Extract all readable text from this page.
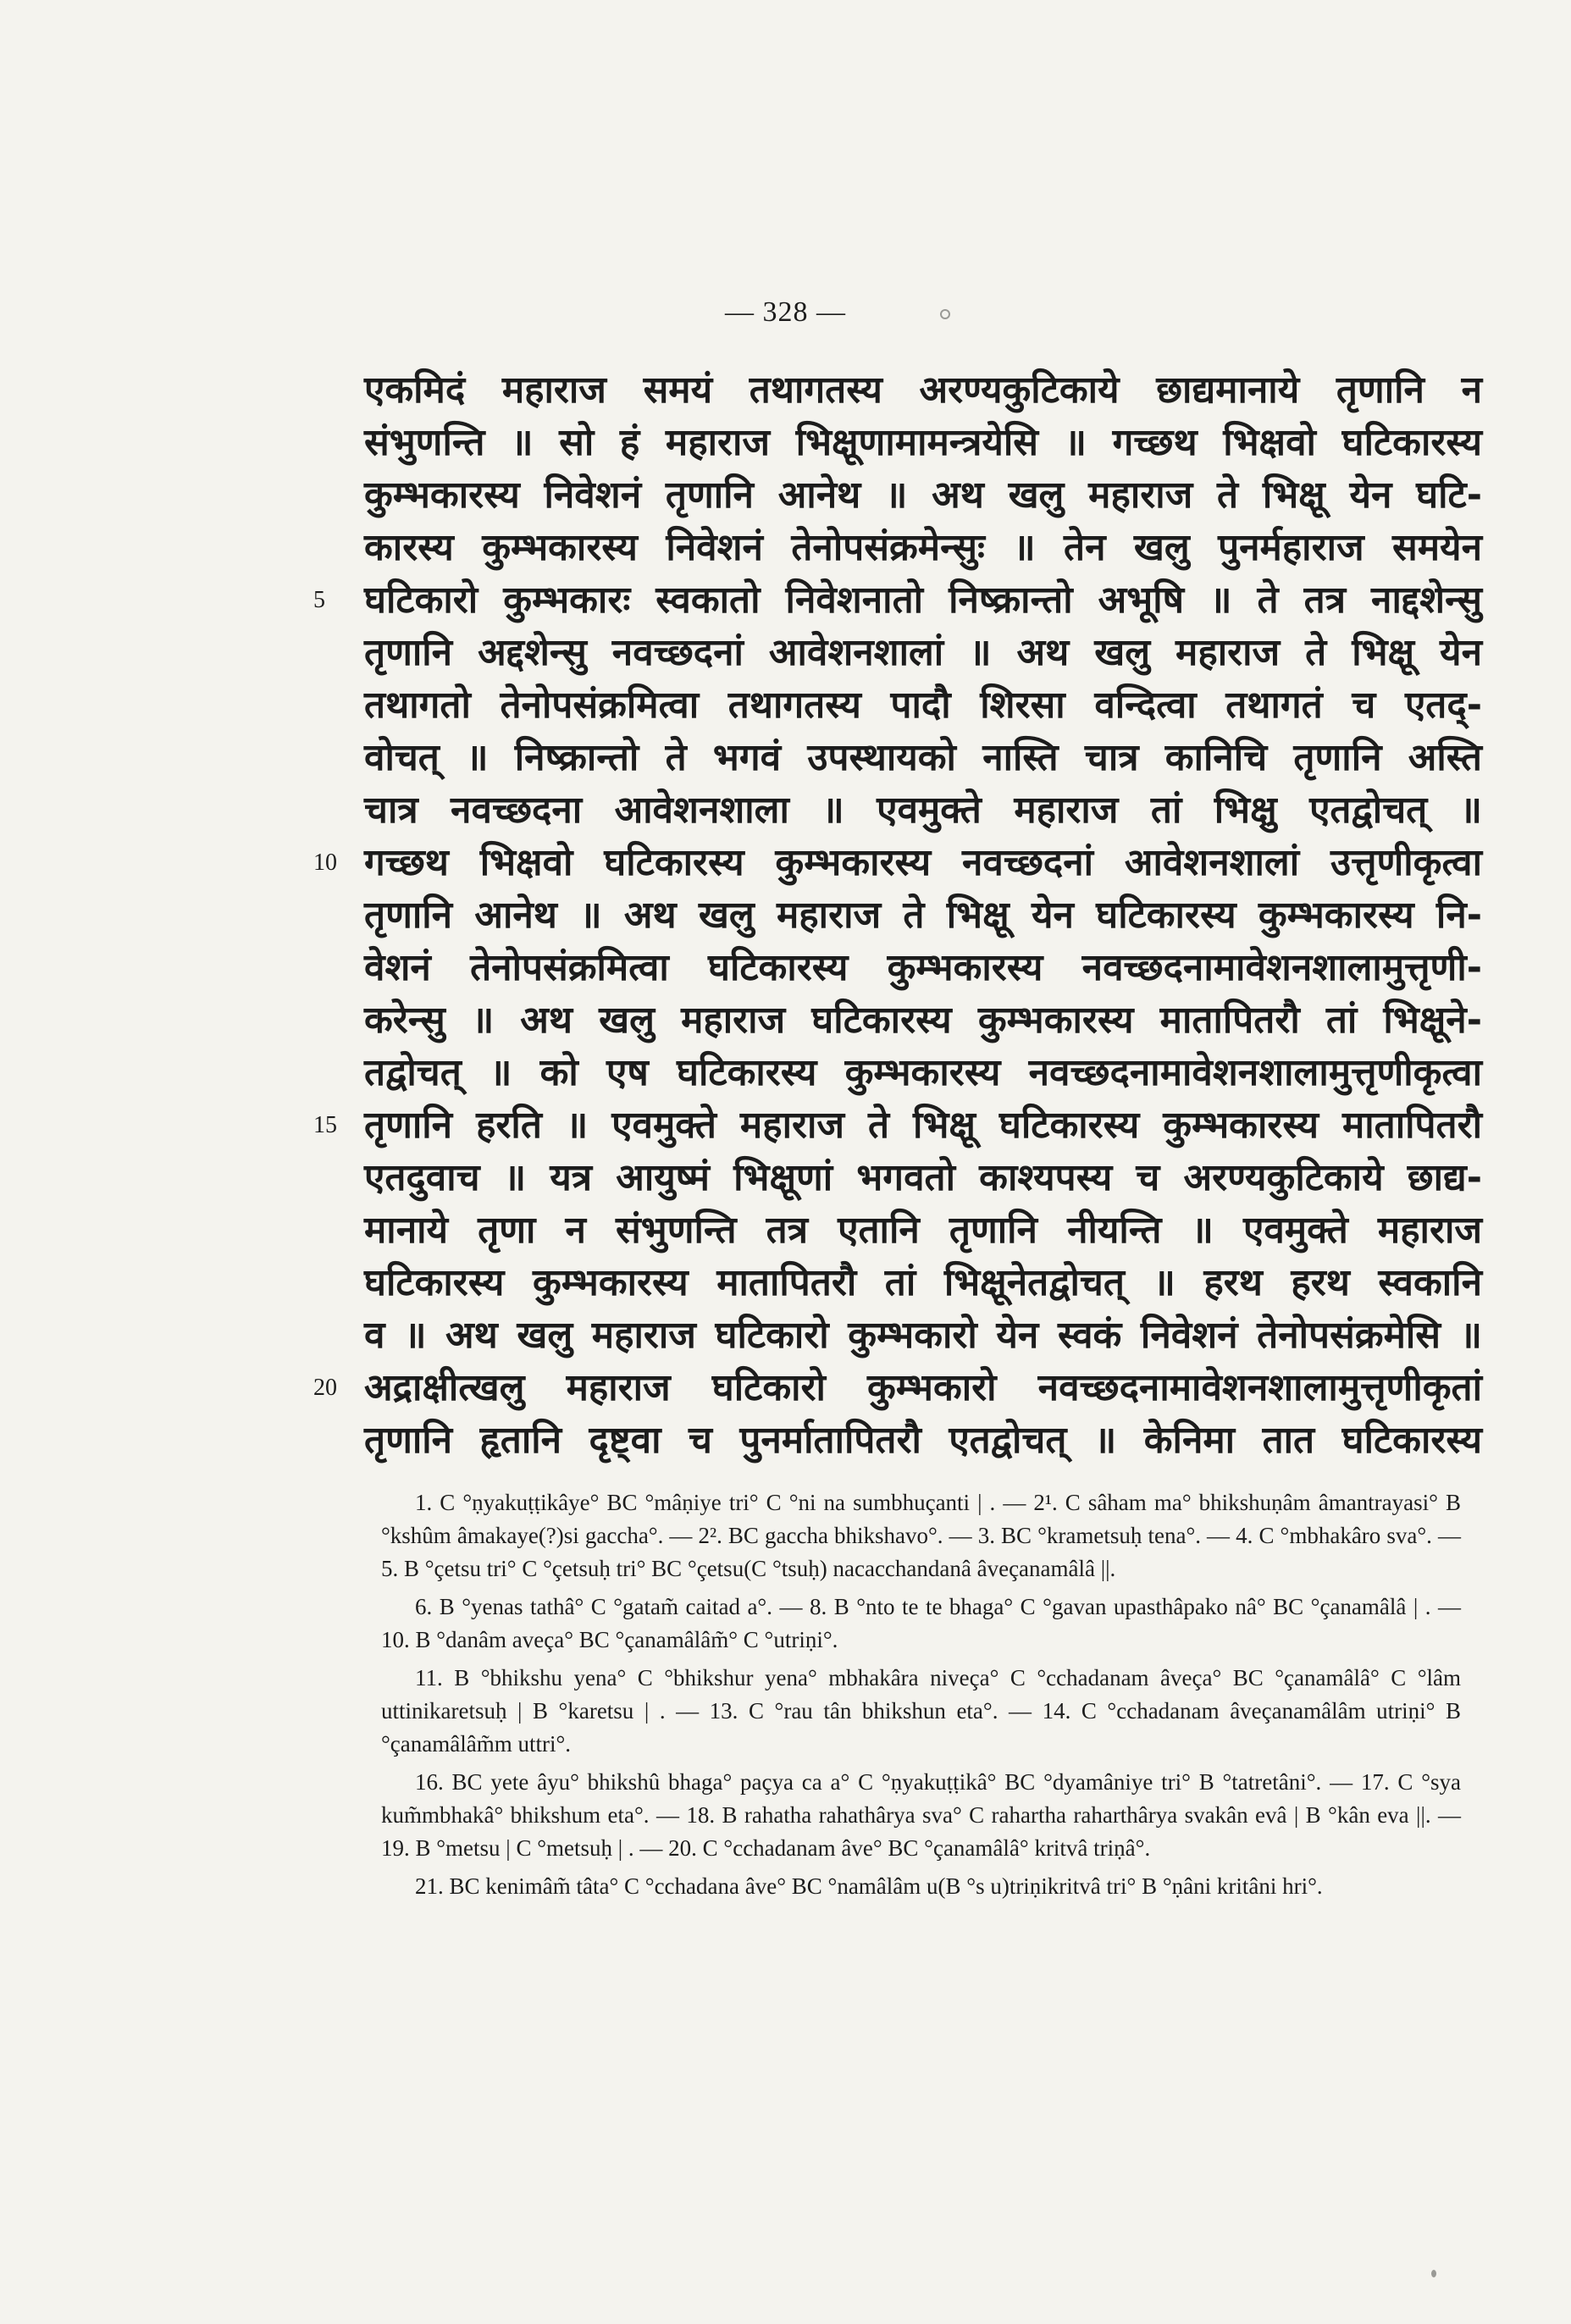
— 328 —
एकमिदं महाराज समयं तथागतस्य अरण्यकुटिकाये छाद्यमानाये तृणानि न
संभुणन्ति ॥ सो हं महाराज भिक्षूणामामन्त्रयेसि ॥ गच्छथ भिक्षवो घटिकारस्य
कुम्भकारस्य निवेशनं तृणानि आनेथ ॥ अथ खलु महाराज ते भिक्षू येन घटि-
कारस्य कुम्भकारस्य निवेशनं तेनोपसंक्रमेन्सुः ॥ तेन खलु पुनर्महाराज समयेन
5 घटिकारो कुम्भकारः स्वकातो निवेशनातो निष्क्रान्तो अभूषि ॥ ते तत्र नाद्दशेन्सु
तृणानि अद्दशेन्सु नवच्छदनां आवेशनशालां ॥ अथ खलु महाराज ते भिक्षू येन
तथागतो तेनोपसंक्रमित्वा तथागतस्य पादौ शिरसा वन्दित्वा तथागतं च एतद्-
वोचत् ॥ निष्क्रान्तो ते भगवं उपस्थायको नास्ति चात्र कानिचि तृणानि अस्ति
चात्र नवच्छदना आवेशनशाला ॥ एवमुक्ते महाराज तां भिक्षु एतद्वोचत् ॥
10 गच्छथ भिक्षवो घटिकारस्य कुम्भकारस्य नवच्छदनां आवेशनशालां उत्तृणीकृत्वा
तृणानि आनेथ ॥ अथ खलु महाराज ते भिक्षू येन घटिकारस्य कुम्भकारस्य नि-
वेशनं तेनोपसंक्रमित्वा घटिकारस्य कुम्भकारस्य नवच्छदनामावेशनशालामुत्तृणी-
करेन्सु ॥ अथ खलु महाराज घटिकारस्य कुम्भकारस्य मातापितरौ तां भिक्षूने-
तद्वोचत् ॥ को एष घटिकारस्य कुम्भकारस्य नवच्छदनामावेशनशालामुत्तृणीकृत्वा
15 तृणानि हरति ॥ एवमुक्ते महाराज ते भिक्षू घटिकारस्य कुम्भकारस्य मातापितरौ
एतदुवाच ॥ यत्र आयुष्मं भिक्षूणां भगवतो काश्यपस्य च अरण्यकुटिकाये छाद्य-
मानाये तृणा न संभुणन्ति तत्र एतानि तृणानि नीयन्ति ॥ एवमुक्ते महाराज
घटिकारस्य कुम्भकारस्य मातापितरौ तां भिक्षूनेतद्वोचत् ॥ हरथ हरथ स्वकानि
व ॥ अथ खलु महाराज घटिकारो कुम्भकारो येन स्वकं निवेशनं तेनोपसंक्रमेसि ॥
20 अद्राक्षीत्खलु महाराज घटिकारो कुम्भकारो नवच्छदनामावेशनशालामुत्तृणीकृतां
तृणानि हृतानि दृष्ट्वा च पुनर्मातापितरौ एतद्वोचत् ॥ केनिमा तात घटिकारस्य

1. C °ṇyakuṭṭikâye° BC °mâṇiye tri° C °ni na sumbhuçanti | . — 2¹. C sâham ma° bhikshuṇâm âmantrayasi° B °kshûm âmakaye(?)si gaccha°. — 2². BC gaccha bhikshavo°. — 3. BC °krametsuḥ tena°. — 4. C °mbhakâro sva°. — 5. B °çetsu tri° C °çetsuḥ tri° BC °çetsu(C °tsuḥ) nacacchandanâ âveçanamâlâ ||.

6. B °yenas tathâ° C °gatam̃ caitad a°. — 8. B °nto te te bhaga° C °gavan upasthâpako nâ° BC °çanamâlâ | . — 10. B °danâm aveça° BC °çanamâlâm̃° C °utriṇi°.

11. B °bhikshu yena° C °bhikshur yena° mbhakâra niveça° C °cchadanam âveça° BC °çanamâlâ° C °lâm uttinikaretsuḥ | B °karetsu | . — 13. C °rau tân bhikshun eta°. — 14. C °cchadanam âveçanamâlâm utriṇi° B °çanamâlâm̃m uttri°.

16. BC yete âyu° bhikshû bhaga° paçya ca a° C °ṇyakuṭṭikâ° BC °dyamâniye tri° B °tatretâni°. — 17. C °sya kum̃mbhakâ° bhikshum eta°. — 18. B rahatha rahathârya sva° C rahartha raharthârya svakân evâ | B °kân eva ||. — 19. B °metsu | C °metsuḥ | . — 20. C °cchadanam âve° BC °çanamâlâ° kritvâ triṇâ°.

21. BC kenimâm̃ tâta° C °cchadana âve° BC °namâlâm u(B °s u)triṇikritvâ tri° B °ṇâni kritâni hri°.
